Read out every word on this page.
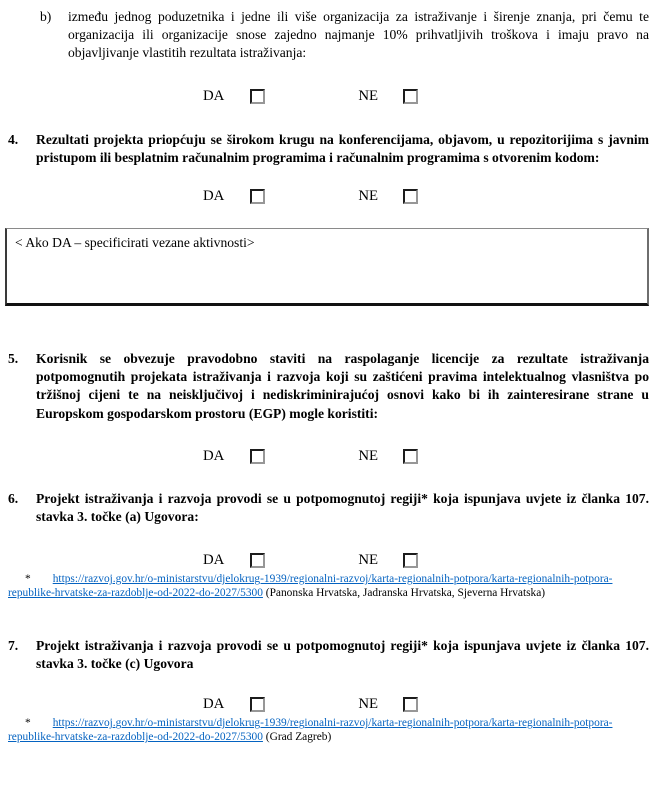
b)	između jednog poduzetnika i jedne ili više organizacija za istraživanje i širenje znanja, pri čemu te organizacija ili organizacije snose zajedno najmanje 10% prihvatljivih troškova i imaju pravo na objavljivanje vlastitih rezultata istraživanja:
DA	NE
4.	Rezultati projekta priopćuju se širokom krugu na konferencijama, objavom, u repozitorijima s javnim pristupom ili besplatnim računalnim programima i računalnim programima s otvorenim kodom:
DA	NE
< Ako DA – specificirati vezane aktivnosti>
5.	Korisnik se obvezuje pravodobno staviti na raspolaganje licencije za rezultate istraživanja potpomognutih projekata istraživanja i razvoja koji su zaštićeni pravima intelektualnog vlasništva po tržišnoj cijeni te na neisključivoj i nediskriminirajućoj osnovi kako bi ih zainteresirane strane u Europskom gospodarskom prostoru (EGP) mogle koristiti:
DA	NE
6.	Projekt istraživanja i razvoja provodi se u potpomognutoj regiji* koja ispunjava uvjete iz članka 107. stavka 3. točke (a) Ugovora:
DA	NE
* https://razvoj.gov.hr/o-ministarstvu/djelokrug-1939/regionalni-razvoj/karta-regionalnih-potpora/karta-regionalnih-potpora-republike-hrvatske-za-razdoblje-od-2022-do-2027/5300 (Panonska Hrvatska, Jadranska Hrvatska, Sjeverna Hrvatska)
7.	Projekt istraživanja i razvoja provodi se u potpomognutoj regiji* koja ispunjava uvjete iz članka 107. stavka 3. točke (c) Ugovora
DA	NE
* https://razvoj.gov.hr/o-ministarstvu/djelokrug-1939/regionalni-razvoj/karta-regionalnih-potpora/karta-regionalnih-potpora-republike-hrvatske-za-razdoblje-od-2022-do-2027/5300 (Grad Zagreb)
